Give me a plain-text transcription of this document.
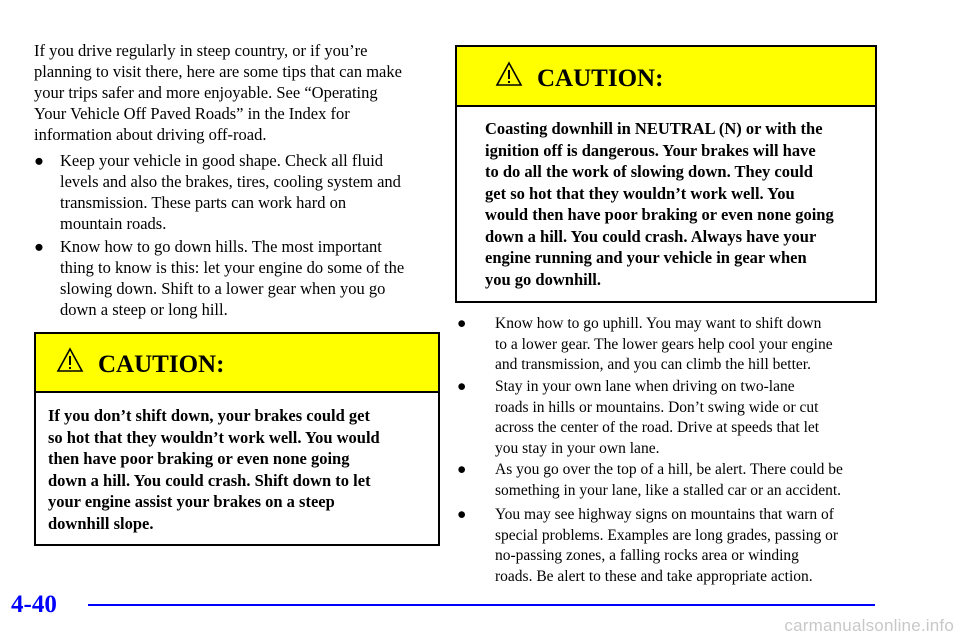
If you drive regularly in steep country, or if you’re
planning to visit there, here are some tips that can make
your trips safer and more enjoyable. See “Operating
Your Vehicle Off Paved Roads” in the Index for
information about driving off-road.
● Keep your vehicle in good shape. Check all fluid
levels and also the brakes, tires, cooling system and
transmission. These parts can work hard on
mountain roads.
● Know how to go down hills. The most important
thing to know is this: let your engine do some of the
slowing down. Shift to a lower gear when you go
down a steep or long hill.
CAUTION:
If you don’t shift down, your brakes could get
so hot that they wouldn’t work well. You would
then have poor braking or even none going
down a hill. You could crash. Shift down to let
your engine assist your brakes on a steep
downhill slope.
CAUTION:
Coasting downhill in NEUTRAL (N) or with the
ignition off is dangerous. Your brakes will have
to do all the work of slowing down. They could
get so hot that they wouldn’t work well. You
would then have poor braking or even none going
down a hill. You could crash. Always have your
engine running and your vehicle in gear when
you go downhill.
●	Know how to go uphill. You may want to shift down
to a lower gear. The lower gears help cool your engine
and transmission, and you can climb the hill better.
●	Stay in your own lane when driving on two-lane
roads in hills or mountains. Don’t swing wide or cut
across the center of the road. Drive at speeds that let
you stay in your own lane.
●	As you go over the top of a hill, be alert. There could be
something in your lane, like a stalled car or an accident.
●	You may see highway signs on mountains that warn of
special problems. Examples are long grades, passing or
no-passing zones, a falling rocks area or winding
roads. Be alert to these and take appropriate action.
4-40
carmanualsonline.info
